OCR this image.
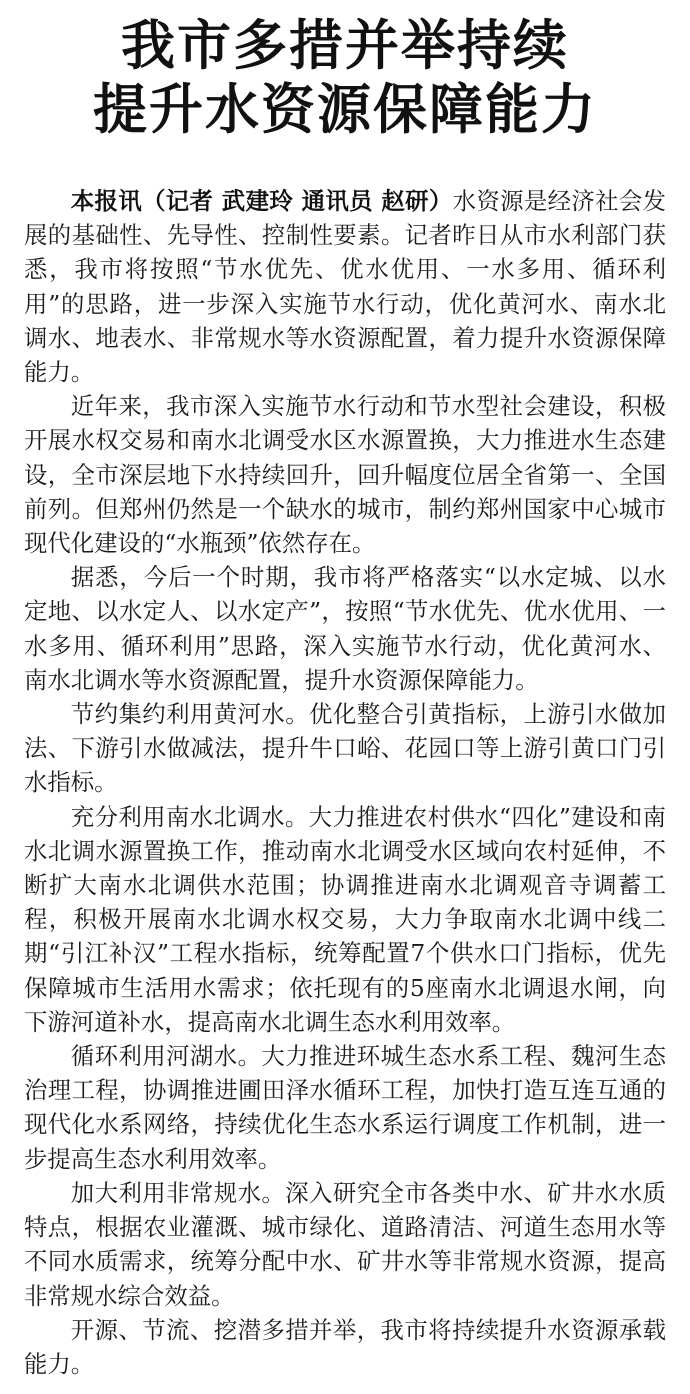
我市多措并举持续
提升水资源保障能力

本报讯（记者 武建玲 通讯员 赵研）水资源是经济社会发展的基础性、先导性、控制性要素。记者昨日从市水利部门获悉，我市将按照“节水优先、优水优用、一水多用、循环利用”的思路，进一步深入实施节水行动，优化黄河水、南水北调水、地表水、非常规水等水资源配置，着力提升水资源保障能力。

近年来，我市深入实施节水行动和节水型社会建设，积极开展水权交易和南水北调受水区水源置换，大力推进水生态建设，全市深层地下水持续回升，回升幅度位居全省第一、全国前列。但郑州仍然是一个缺水的城市，制约郑州国家中心城市现代化建设的“水瓶颈”依然存在。

据悉，今后一个时期，我市将严格落实“以水定城、以水定地、以水定人、以水定产”，按照“节水优先、优水优用、一水多用、循环利用”思路，深入实施节水行动，优化黄河水、南水北调水等水资源配置，提升水资源保障能力。

节约集约利用黄河水。优化整合引黄指标，上游引水做加法、下游引水做减法，提升牛口峪、花园口等上游引黄口门引水指标。

充分利用南水北调水。大力推进农村供水“四化”建设和南水北调水源置换工作，推动南水北调受水区域向农村延伸，不断扩大南水北调供水范围；协调推进南水北调观音寺调蓄工程，积极开展南水北调水权交易，大力争取南水北调中线二期“引江补汉”工程水指标，统筹配置7个供水口门指标，优先保障城市生活用水需求；依托现有的5座南水北调退水闸，向下游河道补水，提高南水北调生态水利用效率。

循环利用河湖水。大力推进环城生态水系工程、魏河生态治理工程，协调推进圃田泽水循环工程，加快打造互连互通的现代化水系网络，持续优化生态水系运行调度工作机制，进一步提高生态水利用效率。

加大利用非常规水。深入研究全市各类中水、矿井水水质特点，根据农业灌溉、城市绿化、道路清洁、河道生态用水等不同水质需求，统筹分配中水、矿井水等非常规水资源，提高非常规水综合效益。

开源、节流、挖潜多措并举，我市将持续提升水资源承载能力。
